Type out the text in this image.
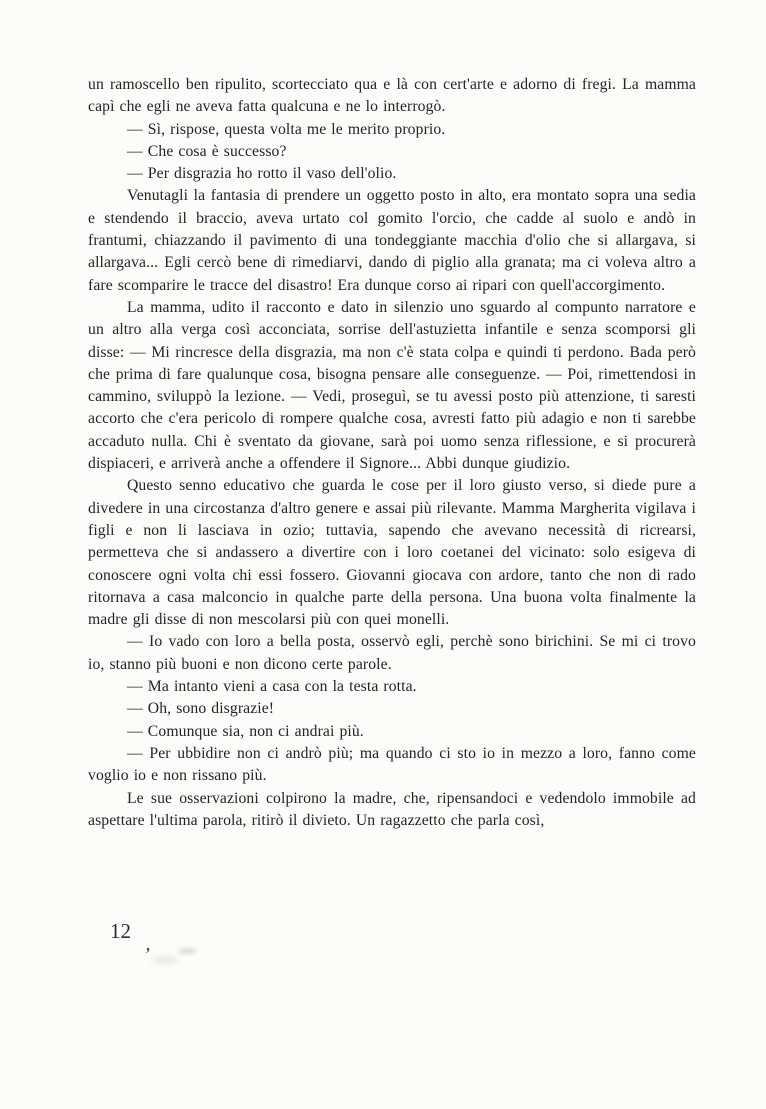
un ramoscello ben ripulito, scortecciato qua e là con cert'arte e adorno di fregi. La mamma capì che egli ne aveva fatta qualcuna e ne lo interrogò.

— Sì, rispose, questa volta me le merito proprio.

— Che cosa è successo?

— Per disgrazia ho rotto il vaso dell'olio.

Venutagli la fantasia di prendere un oggetto posto in alto, era montato sopra una sedia e stendendo il braccio, aveva urtato col gomito l'orcio, che cadde al suolo e andò in frantumi, chiazzando il pavimento di una tondeggiante macchia d'olio che si allargava, si allargava... Egli cercò bene di rimediarvi, dando di piglio alla granata; ma ci voleva altro a fare scomparire le tracce del disastro! Era dunque corso ai ripari con quell'accorgimento.

La mamma, udito il racconto e dato in silenzio uno sguardo al compunto narratore e un altro alla verga così acconciata, sorrise dell'astuzietta infantile e senza scomporsi gli disse: — Mi rincresce della disgrazia, ma non c'è stata colpa e quindi ti perdono. Bada però che prima di fare qualunque cosa, bisogna pensare alle conseguenze. — Poi, rimettendosi in cammino, sviluppò la lezione. — Vedi, proseguì, se tu avessi posto più attenzione, ti saresti accorto che c'era pericolo di rompere qualche cosa, avresti fatto più adagio e non ti sarebbe accaduto nulla. Chi è sventato da giovane, sarà poi uomo senza riflessione, e si procurerà dispiaceri, e arriverà anche a offendere il Signore... Abbi dunque giudizio.

Questo senno educativo che guarda le cose per il loro giusto verso, si diede pure a divedere in una circostanza d'altro genere e assai più rilevante. Mamma Margherita vigilava i figli e non li lasciava in ozio; tuttavia, sapendo che avevano necessità di ricrearsi, permetteva che si andassero a divertire con i loro coetanei del vicinato: solo esigeva di conoscere ogni volta chi essi fossero. Giovanni giocava con ardore, tanto che non di rado ritornava a casa malconcio in qualche parte della persona. Una buona volta finalmente la madre gli disse di non mescolarsi più con quei monelli.

— Io vado con loro a bella posta, osservò egli, perchè sono birichini. Se mi ci trovo io, stanno più buoni e non dicono certe parole.

— Ma intanto vieni a casa con la testa rotta.

— Oh, sono disgrazie!

— Comunque sia, non ci andrai più.

— Per ubbidire non ci andrò più; ma quando ci sto io in mezzo a loro, fanno come voglio io e non rissano più.

Le sue osservazioni colpirono la madre, che, ripensandoci e vedendolo immobile ad aspettare l'ultima parola, ritirò il divieto. Un ragazzetto che parla così,

12
,
